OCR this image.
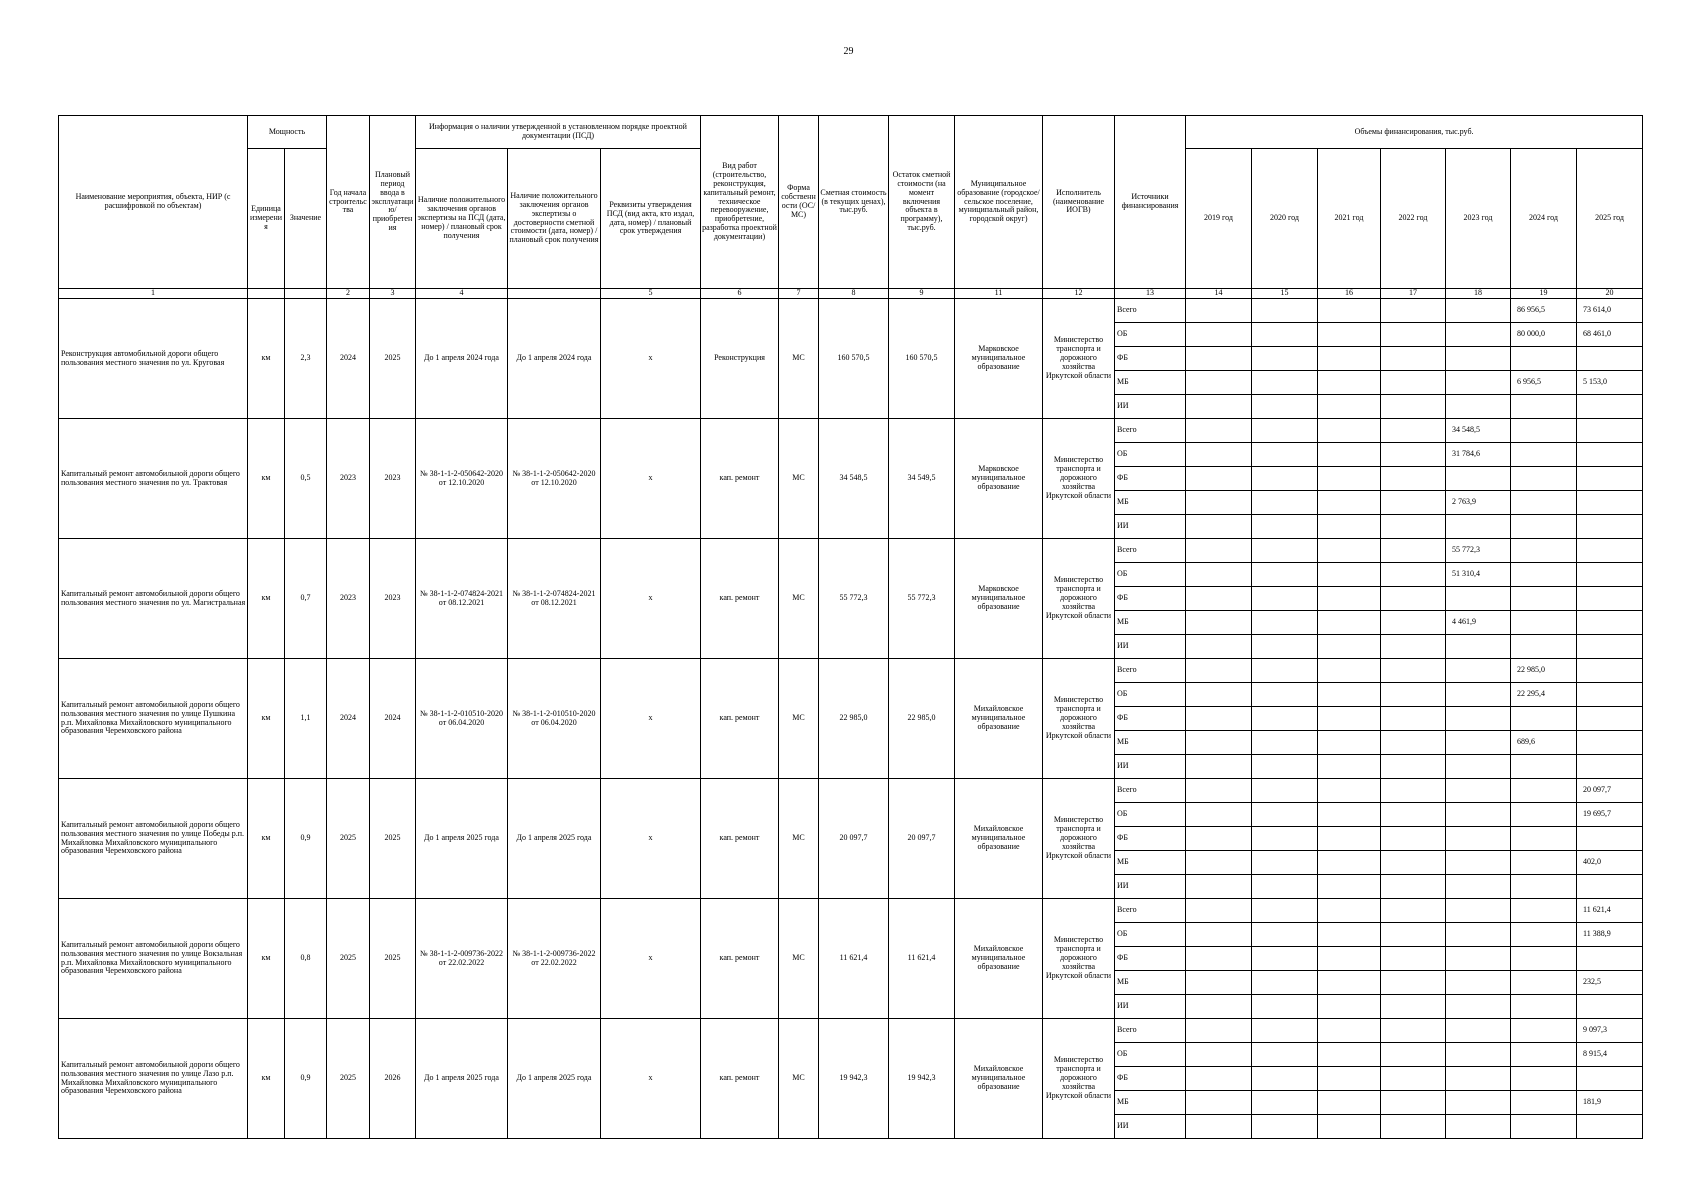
29
Наименование мероприятия, объекта, НИР (с расшифровкой по объектам)	Мощность		Год начала строительства	Плановый период ввода в эксплуатацию/приобретения	Информация о наличии утвержденной в установленном порядке проектной документации (ПСД)			Вид работ (строительство, реконструкция, капитальный ремонт, техническое перевооружение, приобретение, разработка проектной документации)	Форма собственности (ОС/МС)	Сметная стоимость (в текущих ценах), тыс.руб.	Остаток сметной стоимости (на момент включения объекта в программу), тыс.руб.	Муниципальное образование (городское/сельское поселение, муниципальный район, городской округ)	Исполнитель (наименование ИОГВ)	Источники финансирования	Объемы финансирования, тыс.руб.						
	Единица измерения	Значение			Наличие положительного заключения органов экспертизы на ПСД (дата, номер) / плановый срок получения	Наличие положительного заключения органов экспертизы о достоверности сметной стоимости (дата, номер) / плановый срок получения	Реквизиты утверждения ПСД (вид акта, кто издал, дата, номер) / плановый срок утверждения								2019 год	2020 год	2021 год	2022 год	2023 год	2024 год	2025 год
1			2	3	4		5	6	7	8	9	11	12	13	14	15	16	17	18	19	20
Реконструкция автомобильной дороги общего пользования местного значения по ул. Круговая	км	2,3	2024	2025	До 1 апреля 2024 года	До 1 апреля 2024 года	х	Реконструкция	МС	160 570,5	160 570,5	Марковское муниципальное образование	Министерство транспорта и дорожного хозяйства Иркутской области	Всего						86 956,5	73 614,0
														ОБ						80 000,0	68 461,0
														ФБ							
														МБ						6 956,5	5 153,0
														ИИ							
Капитальный ремонт автомобильной дороги общего пользования местного значения по ул. Трактовая	км	0,5	2023	2023	№ 38-1-1-2-050642-2020 от 12.10.2020	№ 38-1-1-2-050642-2020 от 12.10.2020	х	кап. ремонт	МС	34 548,5	34 549,5	Марковское муниципальное образование	Министерство транспорта и дорожного хозяйства Иркутской области	Всего					34 548,5		
														ОБ					31 784,6		
														ФБ							
														МБ					2 763,9		
														ИИ							
Капитальный ремонт автомобильной дороги общего пользования местного значения по ул. Магистральная	км	0,7	2023	2023	№ 38-1-1-2-074824-2021 от 08.12.2021	№ 38-1-1-2-074824-2021 от 08.12.2021	х	кап. ремонт	МС	55 772,3	55 772,3	Марковское муниципальное образование	Министерство транспорта и дорожного хозяйства Иркутской области	Всего					55 772,3		
														ОБ					51 310,4		
														ФБ							
														МБ					4 461,9		
														ИИ							
Капитальный ремонт автомобильной дороги общего пользования местного значения по улице Пушкина р.п. Михайловка Михайловского муниципального образования Черемховского района	км	1,1	2024	2024	№ 38-1-1-2-010510-2020 от 06.04.2020	№ 38-1-1-2-010510-2020 от 06.04.2020	х	кап. ремонт	МС	22 985,0	22 985,0	Михайловское муниципальное образование	Министерство транспорта и дорожного хозяйства Иркутской области	Всего						22 985,0	
														ОБ						22 295,4	
														ФБ							
														МБ						689,6	
														ИИ							
Капитальный ремонт автомобильной дороги общего пользования местного значения по улице Победы р.п. Михайловка Михайловского муниципального образования Черемховского района	км	0,9	2025	2025	До 1 апреля 2025 года	До 1 апреля 2025 года	х	кап. ремонт	МС	20 097,7	20 097,7	Михайловское муниципальное образование	Министерство транспорта и дорожного хозяйства Иркутской области	Всего							20 097,7
														ОБ							19 695,7
														ФБ							
														МБ							402,0
														ИИ							
Капитальный ремонт автомобильной дороги общего пользования местного значения по улице Вокзальная р.п. Михайловка Михайловского муниципального образования Черемховского района	км	0,8	2025	2025	№ 38-1-1-2-009736-2022 от 22.02.2022	№ 38-1-1-2-009736-2022 от 22.02.2022	х	кап. ремонт	МС	11 621,4	11 621,4	Михайловское муниципальное образование	Министерство транспорта и дорожного хозяйства Иркутской области	Всего							11 621,4
														ОБ							11 388,9
														ФБ							
														МБ							232,5
														ИИ							
Капитальный ремонт автомобильной дороги общего пользования местного значения по улице Лазо р.п. Михайловка Михайловского муниципального образования Черемховского района	км	0,9	2025	2026	До 1 апреля 2025 года	До 1 апреля 2025 года	х	кап. ремонт	МС	19 942,3	19 942,3	Михайловское муниципальное образование	Министерство транспорта и дорожного хозяйства Иркутской области	Всего							9 097,3
														ОБ							8 915,4
														ФБ							
														МБ							181,9
														ИИ							
